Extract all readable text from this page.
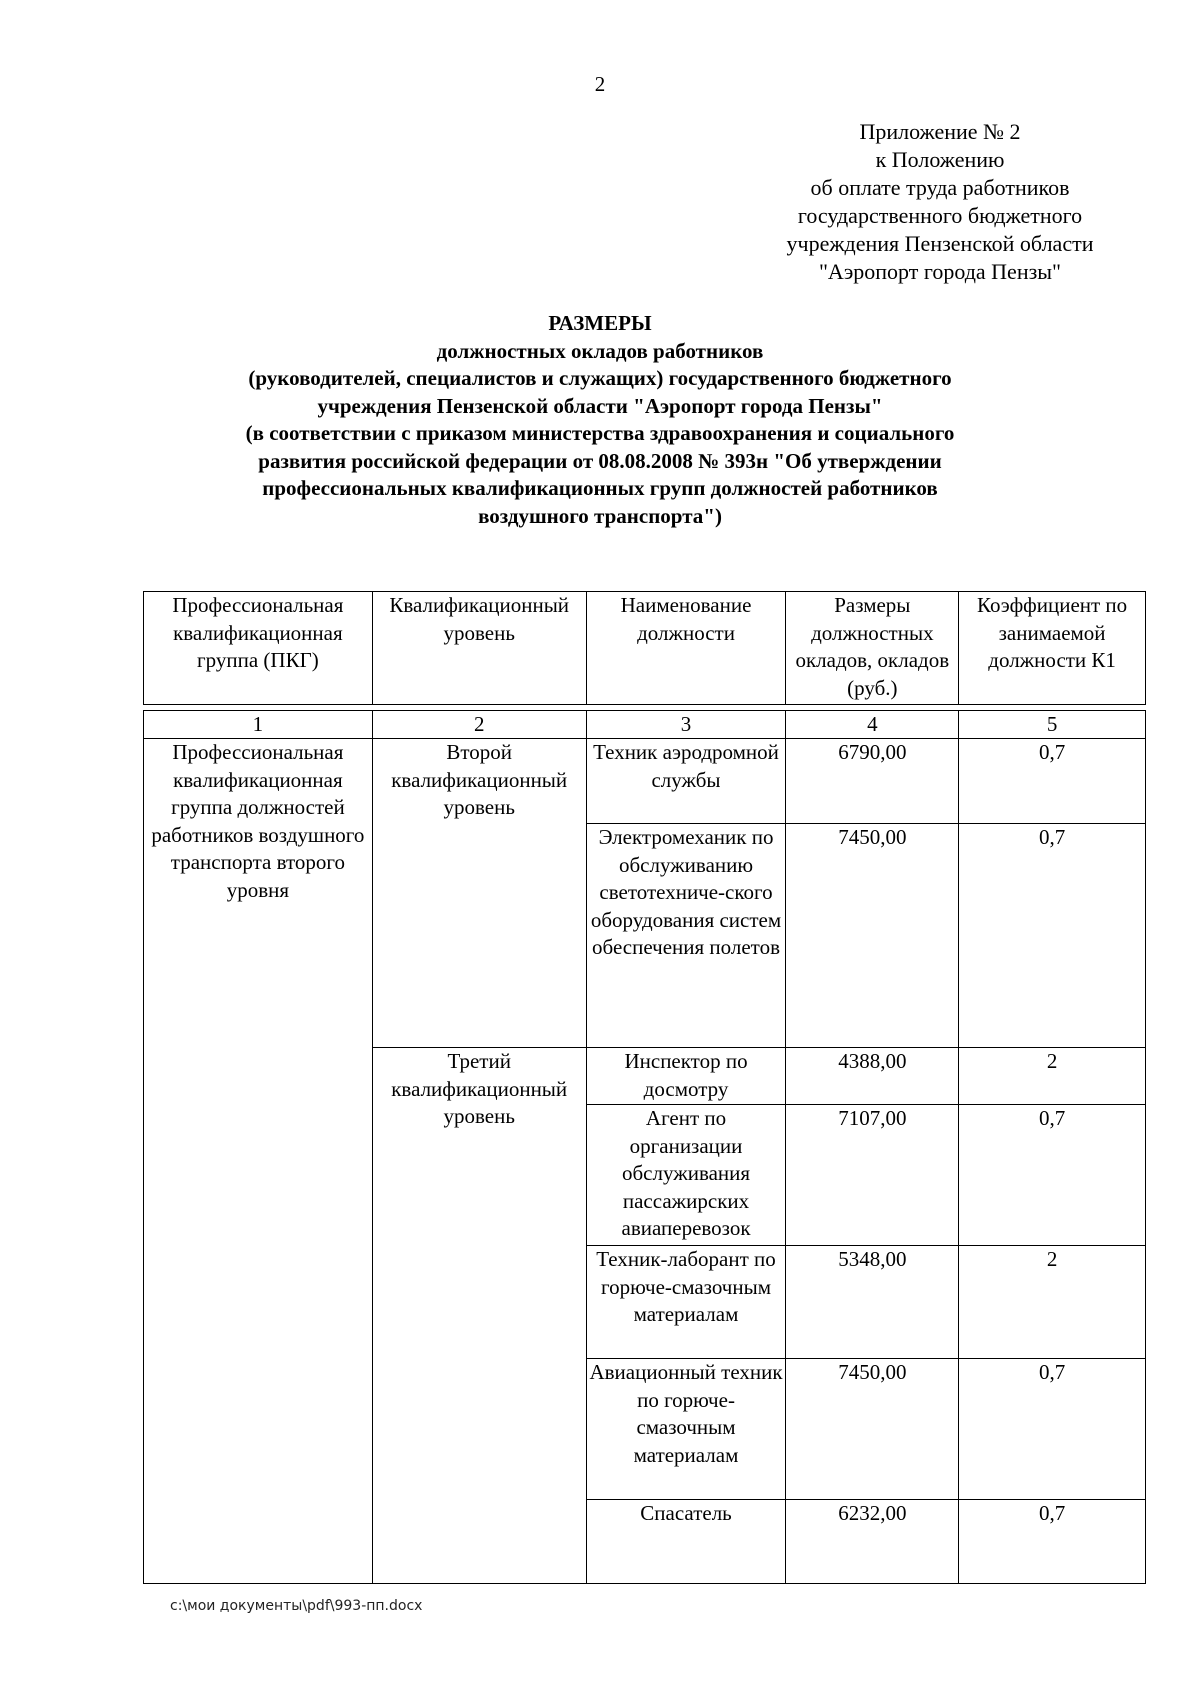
2
Приложение № 2
к Положению
об оплате труда работников
государственного бюджетного
учреждения Пензенской области
"Аэропорт города Пензы"
РАЗМЕРЫ
должностных окладов работников
(руководителей, специалистов и служащих) государственного бюджетного
учреждения Пензенской области "Аэропорт города Пензы"
(в соответствии с приказом министерства здравоохранения и социального
развития российской федерации от 08.08.2008 № 393н "Об утверждении
профессиональных квалификационных групп должностей работников
воздушного транспорта")
Профессиональная квалификационная группа (ПКГ)	Квалификационный уровень	Наименование должности	Размеры должностных окладов, окладов (руб.)	Коэффициент по занимаемой должности К1

1	2	3	4	5
Профессиональная квалификационная группа должностей работников воздушного транспорта второго уровня	Второй квалификационный уровень	Техник аэродромной службы	6790,00	0,7
		Электромеханик по обслуживанию светотехниче-ского оборудования систем обеспечения полетов	7450,00	0,7
	Третий квалификационный уровень	Инспектор по досмотру	4388,00	2
		Агент по организации обслуживания пассажирских авиаперевозок	7107,00	0,7
		Техник-лаборант по горюче-смазочным материалам	5348,00	2
		Авиационный техник по горюче-смазочным материалам	7450,00	0,7
		Спасатель	6232,00	0,7
c:\мои документы\pdf\993-пп.docx
